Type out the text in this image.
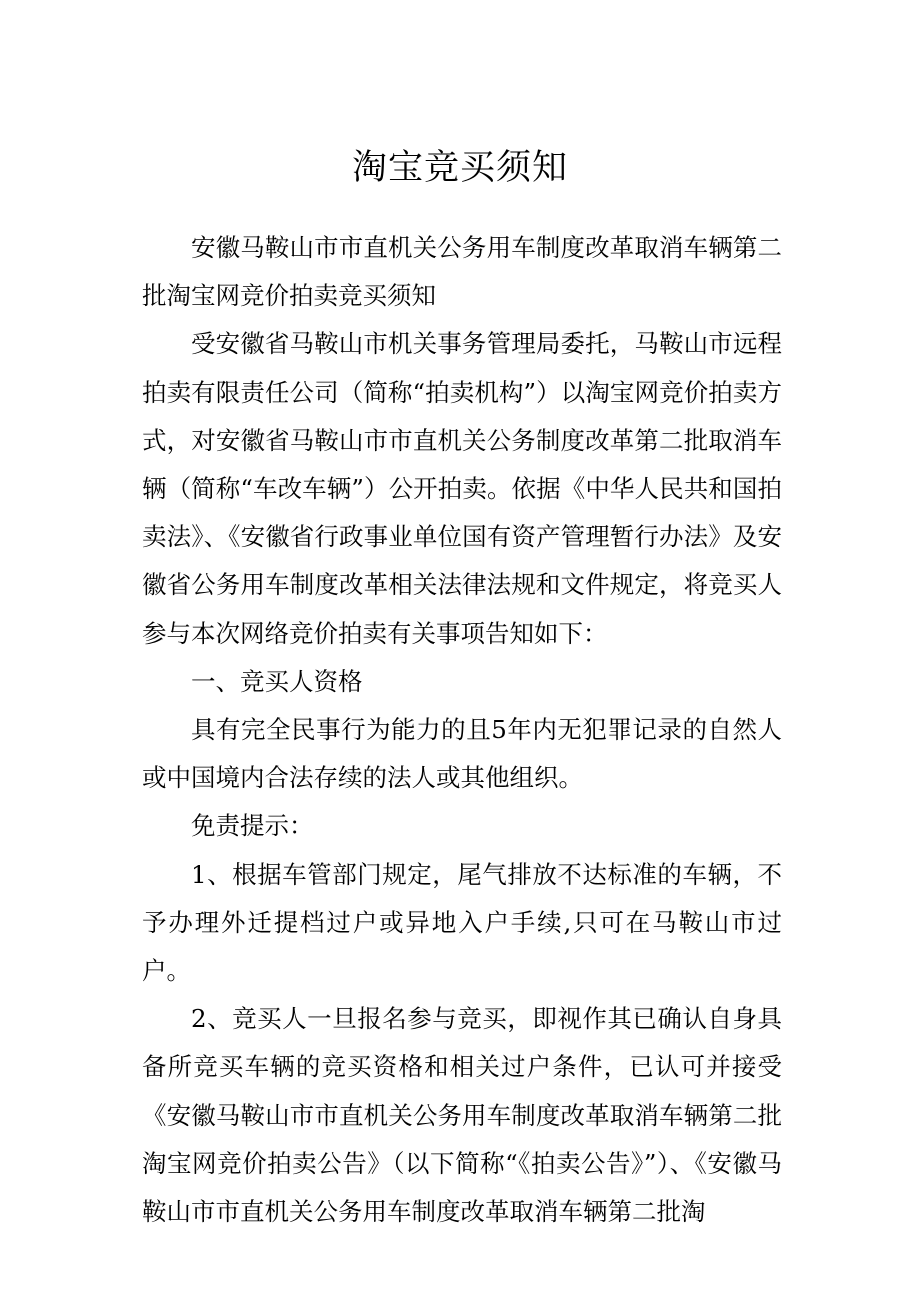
淘宝竞买须知

安徽马鞍山市市直机关公务用车制度改革取消车辆第二批淘宝网竞价拍卖竞买须知

受安徽省马鞍山市机关事务管理局委托，马鞍山市远程拍卖有限责任公司（简称“拍卖机构”）以淘宝网竞价拍卖方式，对安徽省马鞍山市市直机关公务制度改革第二批取消车辆（简称“车改车辆”）公开拍卖。依据《中华人民共和国拍卖法》、《安徽省行政事业单位国有资产管理暂行办法》及安徽省公务用车制度改革相关法律法规和文件规定，将竞买人参与本次网络竞价拍卖有关事项告知如下：

一、竞买人资格

具有完全民事行为能力的且5年内无犯罪记录的自然人或中国境内合法存续的法人或其他组织。

免责提示：

1、根据车管部门规定，尾气排放不达标准的车辆，不予办理外迁提档过户或异地入户手续,只可在马鞍山市过户。

2、竞买人一旦报名参与竞买，即视作其已确认自身具备所竞买车辆的竞买资格和相关过户条件，已认可并接受《安徽马鞍山市市直机关公务用车制度改革取消车辆第二批淘宝网竞价拍卖公告》（以下简称“《拍卖公告》”）、《安徽马鞍山市市直机关公务用车制度改革取消车辆第二批淘
